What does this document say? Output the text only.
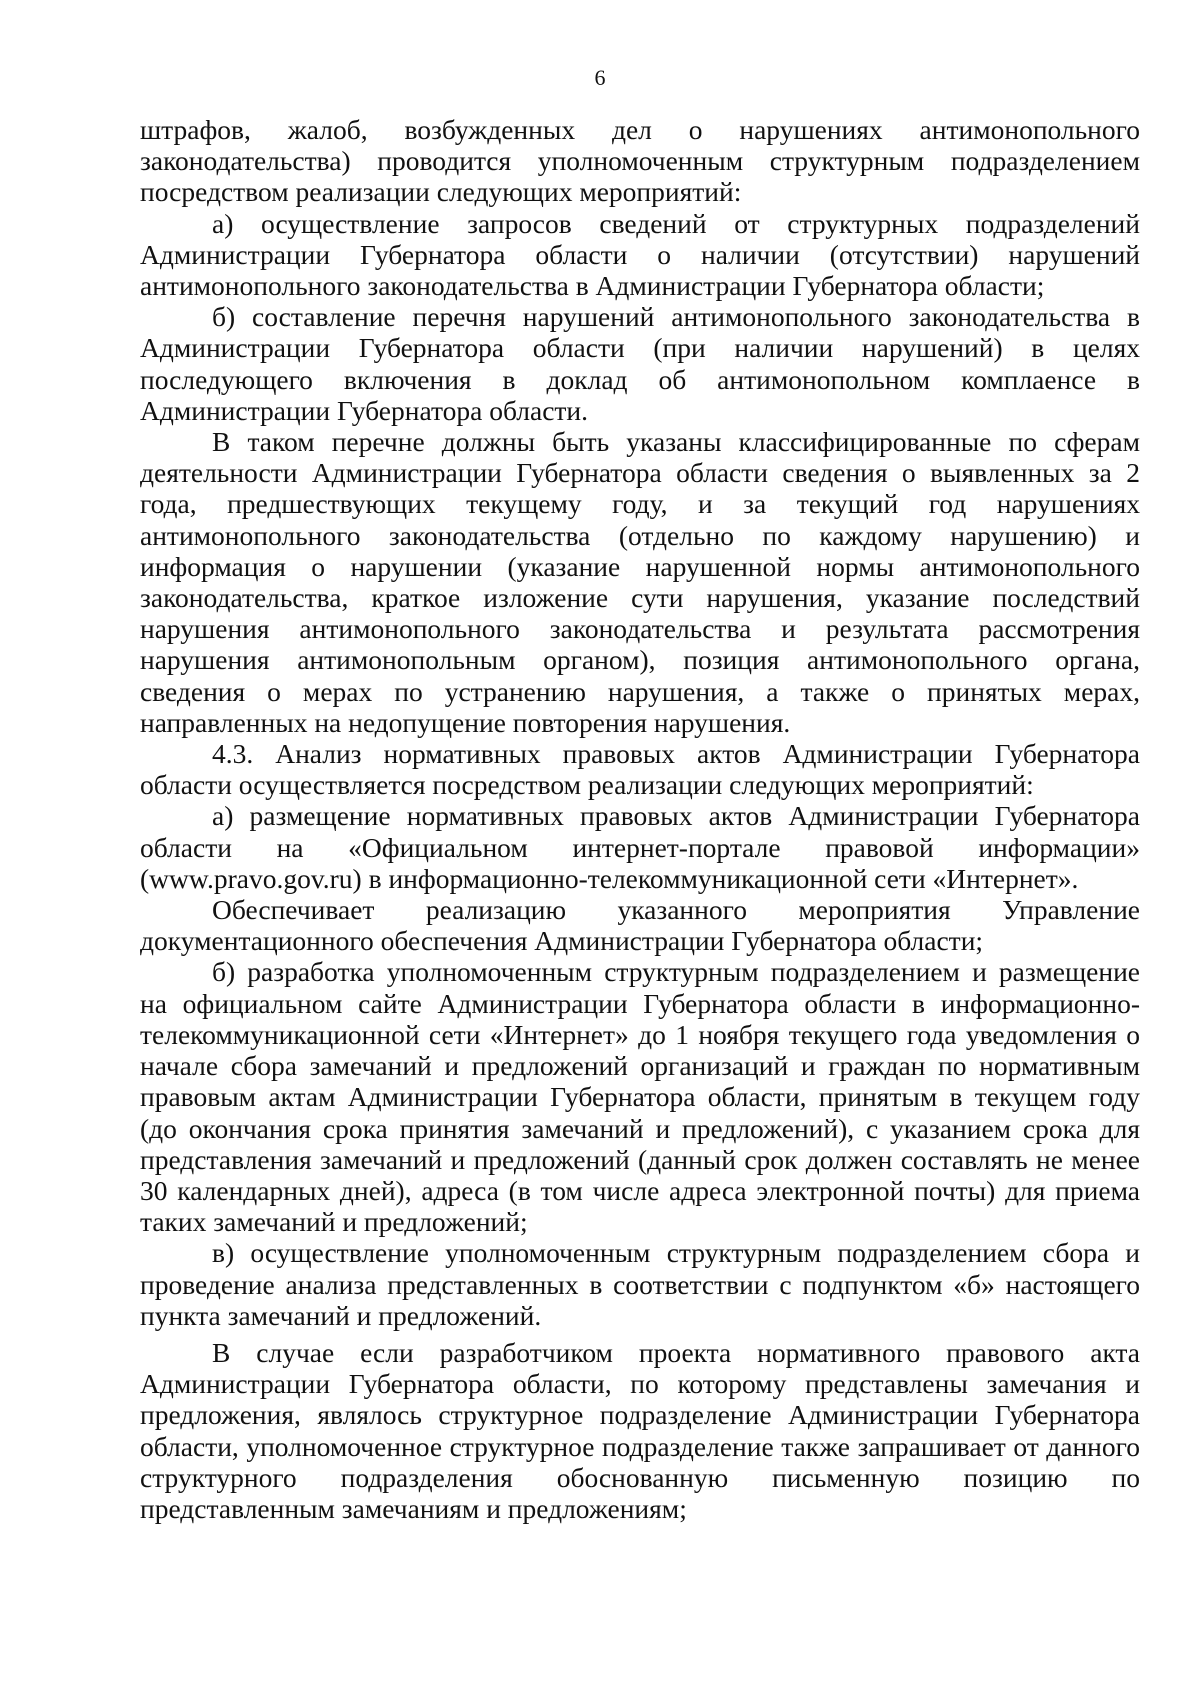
6

штрафов, жалоб, возбужденных дел о нарушениях антимонопольного законодательства) проводится уполномоченным структурным подразделением посредством реализации следующих мероприятий:

а) осуществление запросов сведений от структурных подразделений Администрации Губернатора области о наличии (отсутствии) нарушений антимонопольного законодательства в Администрации Губернатора области;

б) составление перечня нарушений антимонопольного законодательства в Администрации Губернатора области (при наличии нарушений) в целях последующего включения в доклад об антимонопольном комплаенсе в Администрации Губернатора области.

В таком перечне должны быть указаны классифицированные по сферам деятельности Администрации Губернатора области сведения о выявленных за 2 года, предшествующих текущему году, и за текущий год нарушениях антимонопольного законодательства (отдельно по каждому нарушению) и информация о нарушении (указание нарушенной нормы антимонопольного законодательства, краткое изложение сути нарушения, указание последствий нарушения антимонопольного законодательства и результата рассмотрения нарушения антимонопольным органом), позиция антимонопольного органа, сведения о мерах по устранению нарушения, а также о принятых мерах, направленных на недопущение повторения нарушения.

4.3. Анализ нормативных правовых актов Администрации Губернатора области осуществляется посредством реализации следующих мероприятий:

а) размещение нормативных правовых актов Администрации Губернатора области на «Официальном интернет-портале правовой информации» (www.pravo.gov.ru) в информационно-телекоммуникационной сети «Интернет».

Обеспечивает реализацию указанного мероприятия Управление документационного обеспечения Администрации Губернатора области;

б) разработка уполномоченным структурным подразделением и размещение на официальном сайте Администрации Губернатора области в информационно-телекоммуникационной сети «Интернет» до 1 ноября текущего года уведомления о начале сбора замечаний и предложений организаций и граждан по нормативным правовым актам Администрации Губернатора области, принятым в текущем году (до окончания срока принятия замечаний и предложений), с указанием срока для представления замечаний и предложений (данный срок должен составлять не менее 30 календарных дней), адреса (в том числе адреса электронной почты) для приема таких замечаний и предложений;

в) осуществление уполномоченным структурным подразделением сбора и проведение анализа представленных в соответствии с подпунктом «б» настоящего пункта замечаний и предложений.

В случае если разработчиком проекта нормативного правового акта Администрации Губернатора области, по которому представлены замечания и предложения, являлось структурное подразделение Администрации Губернатора области, уполномоченное структурное подразделение также запрашивает от данного структурного подразделения обоснованную письменную позицию по представленным замечаниям и предложениям;
